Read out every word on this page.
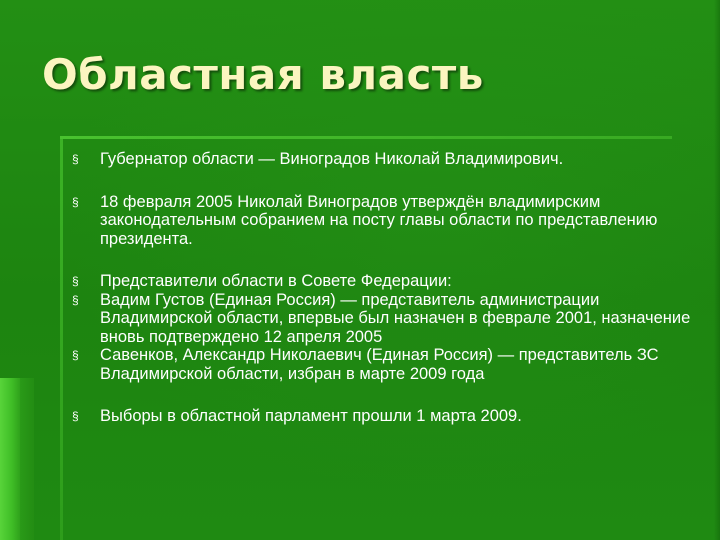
Областная власть
§ Губернатор области — Виноградов Николай Владимирович.
§ 18 февраля 2005 Николай Виноградов утверждён владимирским законодательным собранием на посту главы области по представлению президента.
§ Представители области в Совете Федерации:
§ Вадим Густов (Единая Россия) — представитель администрации Владимирской области, впервые был назначен в феврале 2001, назначение вновь подтверждено 12 апреля 2005
§ Савенков, Александр Николаевич (Единая Россия) — представитель ЗС Владимирской области, избран в марте 2009 года
§ Выборы в областной парламент прошли 1 марта 2009.
